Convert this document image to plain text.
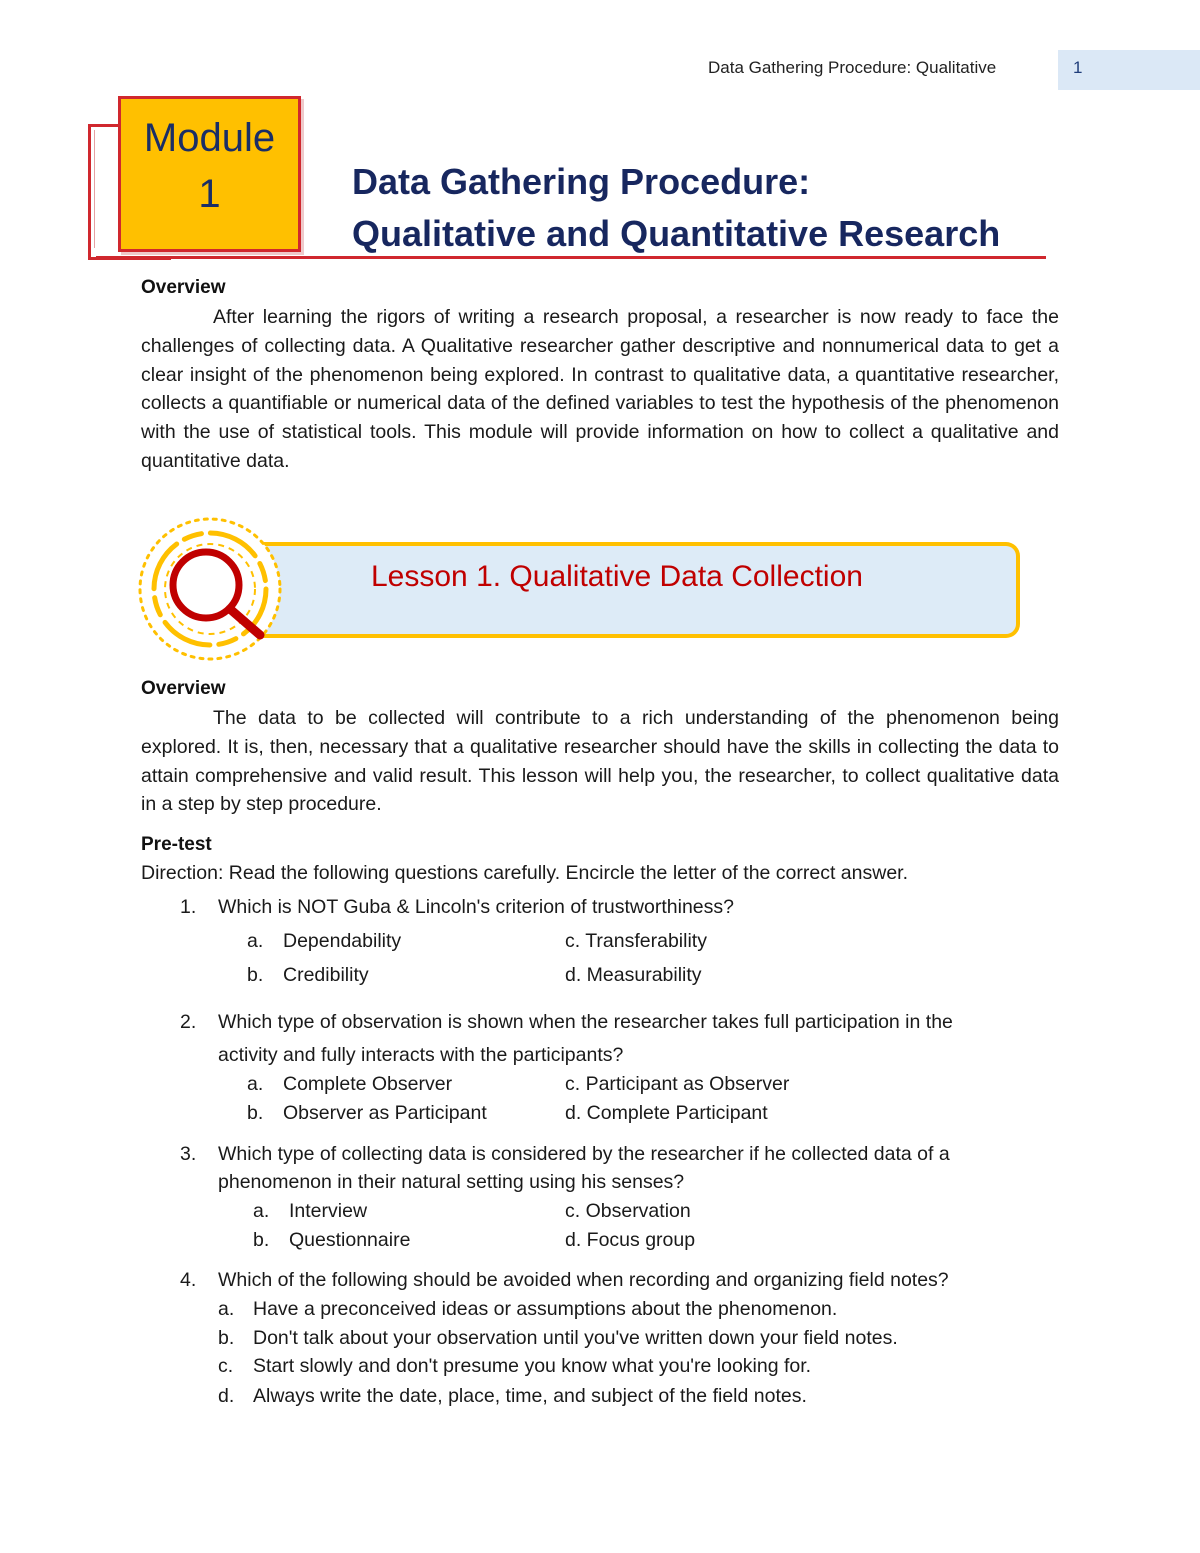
Data Gathering Procedure: Qualitative	1
Module
1	Data Gathering Procedure:
Qualitative and Quantitative Research
Overview
After learning the rigors of writing a research proposal, a researcher is now ready to face the challenges of collecting data. A Qualitative researcher gather descriptive and nonnumerical data to get a clear insight of the phenomenon being explored. In contrast to qualitative data, a quantitative researcher, collects a quantifiable or numerical data of the defined variables to test the hypothesis of the phenomenon with the use of statistical tools. This module will provide information on how to collect a qualitative and quantitative data.
Lesson 1. Qualitative Data Collection
Overview
The data to be collected will contribute to a rich understanding of the phenomenon being explored. It is, then, necessary that a qualitative researcher should have the skills in collecting the data to attain comprehensive and valid result. This lesson will help you, the researcher, to collect qualitative data in a step by step procedure.
Pre-test
Direction: Read the following questions carefully. Encircle the letter of the correct answer.
1. Which is NOT Guba & Lincoln's criterion of trustworthiness?
a. Dependability	c. Transferability
b. Credibility	d. Measurability
2. Which type of observation is shown when the researcher takes full participation in the
activity and fully interacts with the participants?
a. Complete Observer	c. Participant as Observer
b. Observer as Participant	d. Complete Participant
3. Which type of collecting data is considered by the researcher if he collected data of a
phenomenon in their natural setting using his senses?
a. Interview	c. Observation
b. Questionnaire	d. Focus group
4. Which of the following should be avoided when recording and organizing field notes?
a. Have a preconceived ideas or assumptions about the phenomenon.
b. Don't talk about your observation until you've written down your field notes.
c. Start slowly and don't presume you know what you're looking for.
d. Always write the date, place, time, and subject of the field notes.
